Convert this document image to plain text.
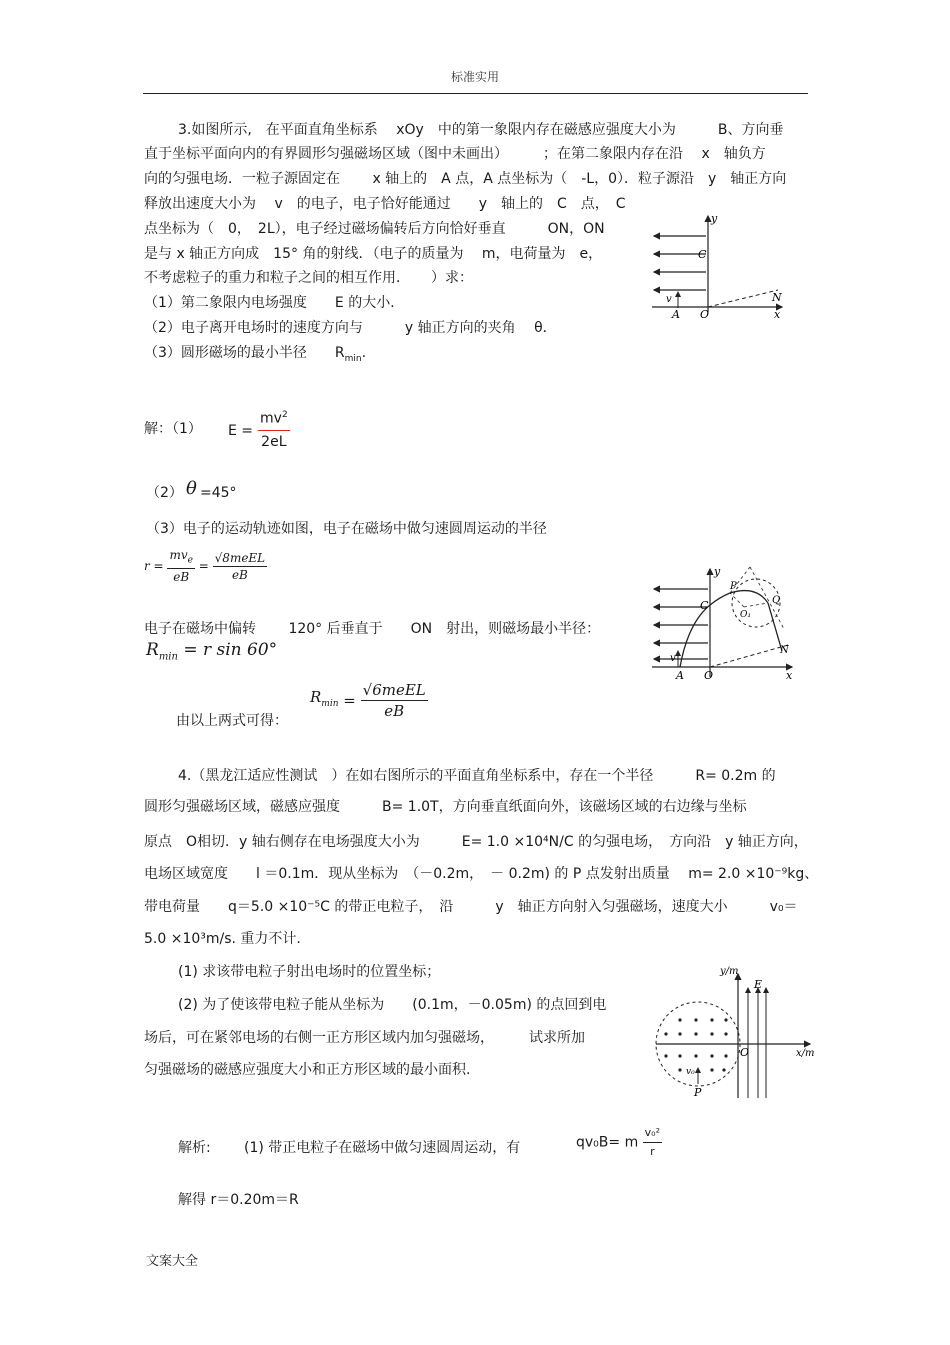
标准实用
3.如图所示,　在平面直角坐标系　 xOy　中的第一象限内存在磁感应强度大小为　　　B、方向垂
直于坐标平面向内的有界圆形匀强磁场区域（图中未画出）　　　；在第二象限内存在沿　 x　轴负方
向的匀强电场．一粒子源固定在　　 x 轴上的　A 点，A 点坐标为（　-L，0）．粒子源沿　y　轴正方向
释放出速度大小为　 v　的电子，电子恰好能通过　　y　轴上的　C　点，　C
点坐标为（　0，　2L），电子经过磁场偏转后方向恰好垂直　　　ON，ON
是与 x 轴正方向成　15° 角的射线．（电子的质量为　 m，电荷量为　e，
不考虑粒子的重力和粒子之间的相互作用．　　）求：
（1）第二象限内电场强度　　E 的大小．
（2）电子离开电场时的速度方向与　　　y 轴正方向的夹角　 θ．
（3）圆形磁场的最小半径　　$R_{min}$.
y
C
N
v
A O	x
解：（1） $E = \frac{mv^2}{2eL}$
（2） θ =45°
（3）电子的运动轨迹如图，电子在磁场中做匀速圆周运动的半径
$r = \frac{mv_e}{eB} = \frac{\text{√8meEL}}{eB}$	y
P
Q
O₁
C
N
v
A O	x
电子在磁场中偏转　　 120° 后垂直于　　ON　射出，则磁场最小半径：
$R_{min} = r$ sin 60°
由以上两式可得：
$R_{min} = \frac{\text{√6meEL}}{eB}$
4.（黑龙江适应性测试　）在如右图所示的平面直角坐标系中，存在一个半径　　　R= 0.2m 的
圆形匀强磁场区域，磁感应强度　　　B= 1.0T，方向垂直纸面向外，该磁场区域的右边缘与坐标
原点　O相切．y 轴右侧存在电场强度大小为　　　E= 1.0 ×10⁴N/C 的匀强电场，　方向沿　y 轴正方向，
电场区域宽度　　l ＝0.1m．现从坐标为　（－0.2m，　－ 0.2m) 的 P 点发射出质量　 m= 2.0 ×10⁻⁹kg、
带电荷量　　q＝5.0 ×10⁻⁵C 的带正电粒子，　沿　　　y　轴正方向射入匀强磁场，速度大小　　　v₀＝
5.0 ×10³m/s. 重力不计.
(1) 求该带电粒子射出电场时的位置坐标；
(2) 为了使该带电粒子能从坐标为　　(0.1m，－0.05m) 的点回到电
场后，可在紧邻电场的右侧一正方形区域内加匀强磁场，　　　试求所加
匀强磁场的磁感应强度大小和正方形区域的最小面积.
y/m
E
O	x/m
v₀
P
解析: (1) 带正电粒子在磁场中做匀速圆周运动，有	qv₀B= m $\frac{\text{v₀²}}{r}$
解得 r＝0.20m＝R
文案大全
